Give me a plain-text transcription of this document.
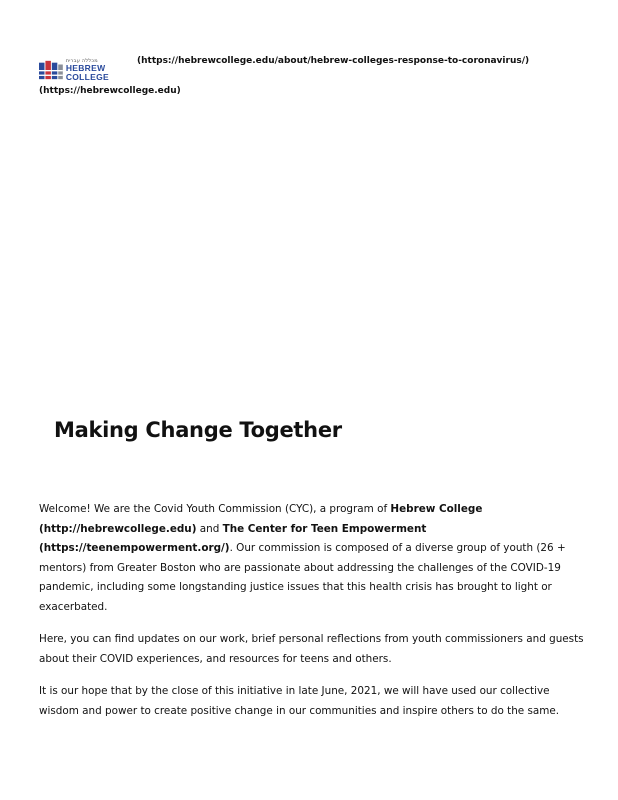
מכללה עברית
HEBREW
COLLEGE
(https://hebrewcollege.edu/about/hebrew-colleges-response-to-coronavirus/)
(https://hebrewcollege.edu)
Making Change Together

Welcome! We are the Covid Youth Commission (CYC), a program of Hebrew College (http://hebrewcollege.edu) and The Center for Teen Empowerment (https://teenempowerment.org/). Our commission is composed of a diverse group of youth (26 + mentors) from Greater Boston who are passionate about addressing the challenges of the COVID-19 pandemic, including some longstanding justice issues that this health crisis has brought to light or exacerbated.

Here, you can find updates on our work, brief personal reflections from youth commissioners and guests about their COVID experiences, and resources for teens and others.

It is our hope that by the close of this initiative in late June, 2021, we will have used our collective wisdom and power to create positive change in our communities and inspire others to do the same.
